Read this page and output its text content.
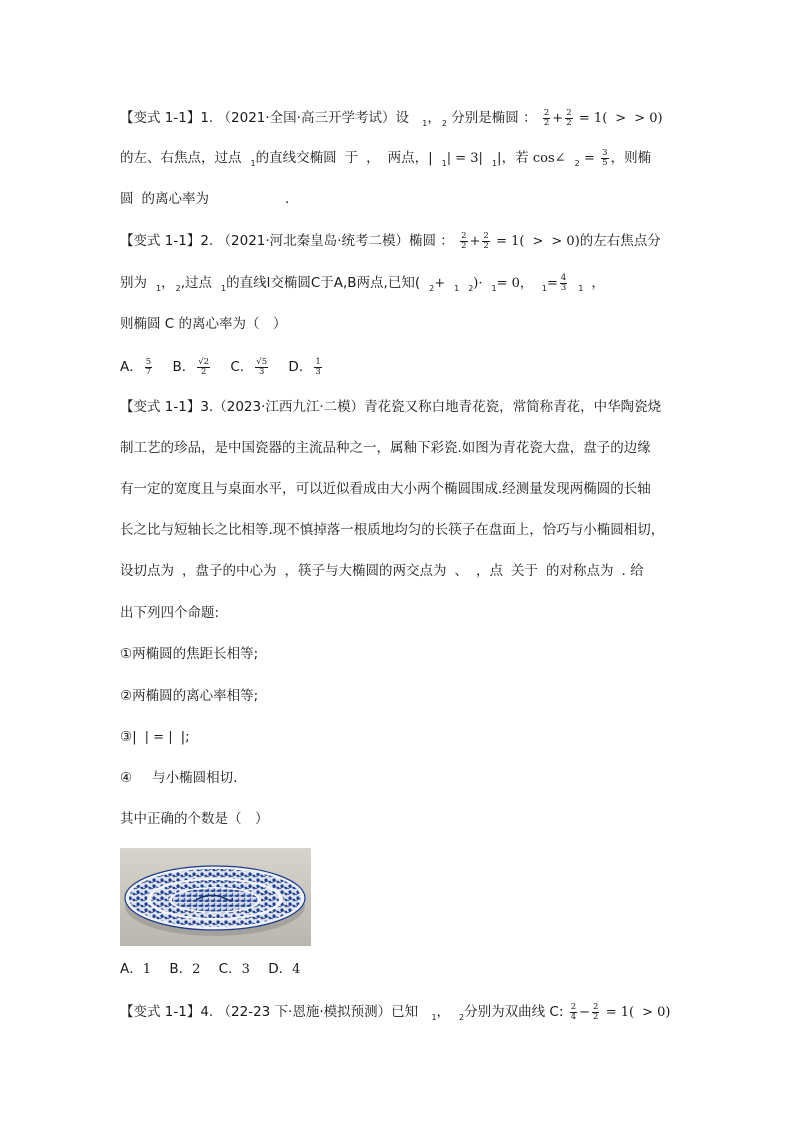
【变式 1-1】1. （2021·全国·高三开学考试）设 $_1$，$_2$ 分别是椭圆 ： $\frac{2}{2} + \frac{2}{2} = 1$( > > 0)
的左、右焦点，过点 $_1$的直线交椭圆 于 ， 两点，| $_1$| = 3| $_1$|，若 cos∠ $_2 = \frac{3}{5}$ ，则椭
圆 的离心率为	.
【变式 1-1】2. （2021·河北秦皇岛·统考二模）椭圆 ： $\frac{2}{2} + \frac{2}{2} = 1$( > > 0)的左右焦点分
别为 $_1$，$_2$,过点 $_1$的直线l交椭圆C于A,B两点,已知( $_2$+ $_1$ $_2$)· $_1$= 0， $_1= \frac{4}{3} _1$ ，
则椭圆 C 的离心率为（　）
A． $\frac{5}{7}$ B． $\frac{√2}{2}$ C． $\frac{√5}{3}$ D． $\frac{1}{3}$
【变式 1-1】3.（2023·江西九江·二模）青花瓷又称白地青花瓷，常简称青花，中华陶瓷烧
制工艺的珍品，是中国瓷器的主流品种之一，属釉下彩瓷.如图为青花瓷大盘，盘子的边缘
有一定的宽度且与桌面水平，可以近似看成由大小两个椭圆围成.经测量发现两椭圆的长轴
长之比与短轴长之比相等.现不慎掉落一根质地均匀的长筷子在盘面上，恰巧与小椭圆相切，
设切点为 ，盘子的中心为 ，筷子与大椭圆的两交点为 、 ，点 关于 的对称点为 . 给
出下列四个命题:
①两椭圆的焦距长相等;
②两椭圆的离心率相等;
③| | = | |;
④ 与小椭圆相切.
其中正确的个数是（　）
A．1 B．2 C．3 D．4
【变式 1-1】4. （22-23 下·恩施·模拟预测）已知 $_1$， $_2$分别为双曲线 C: $\frac{2}{4} - \frac{2}{2} = 1( > 0)$
